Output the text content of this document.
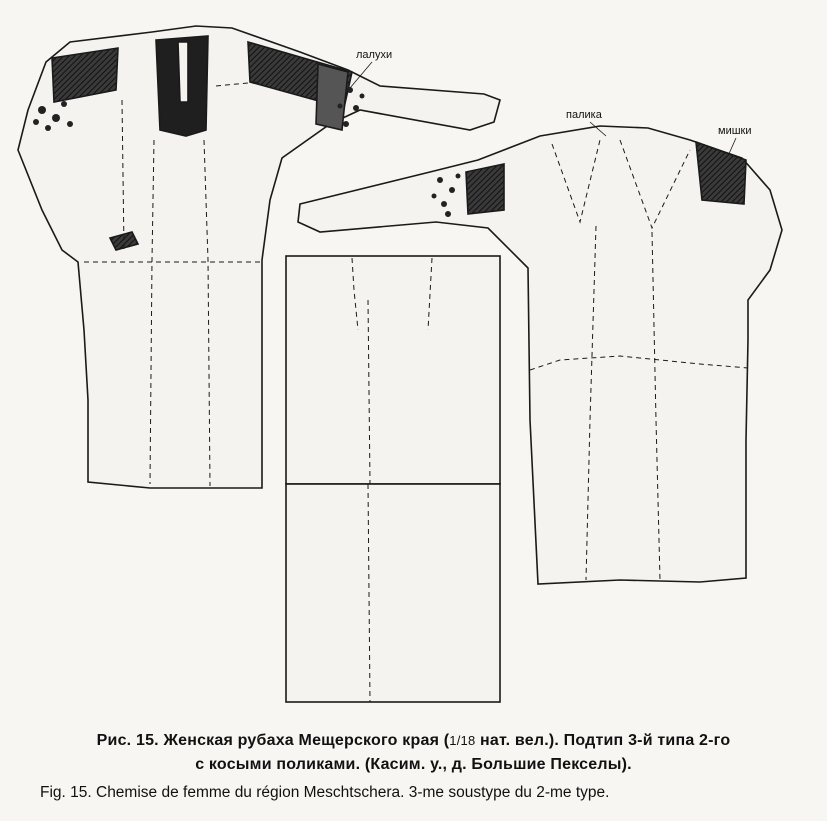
лалухи
палика
мишки
Рис. 15. Женская рубаха Мещерского края (1/18 нат. вел.). Подтип 3-й типа 2-го
с косыми поликами. (Касим. у., д. Большие Пекселы).
Fig. 15. Chemise de femme du région Meschtschera. 3-me soustype du 2-me type.
